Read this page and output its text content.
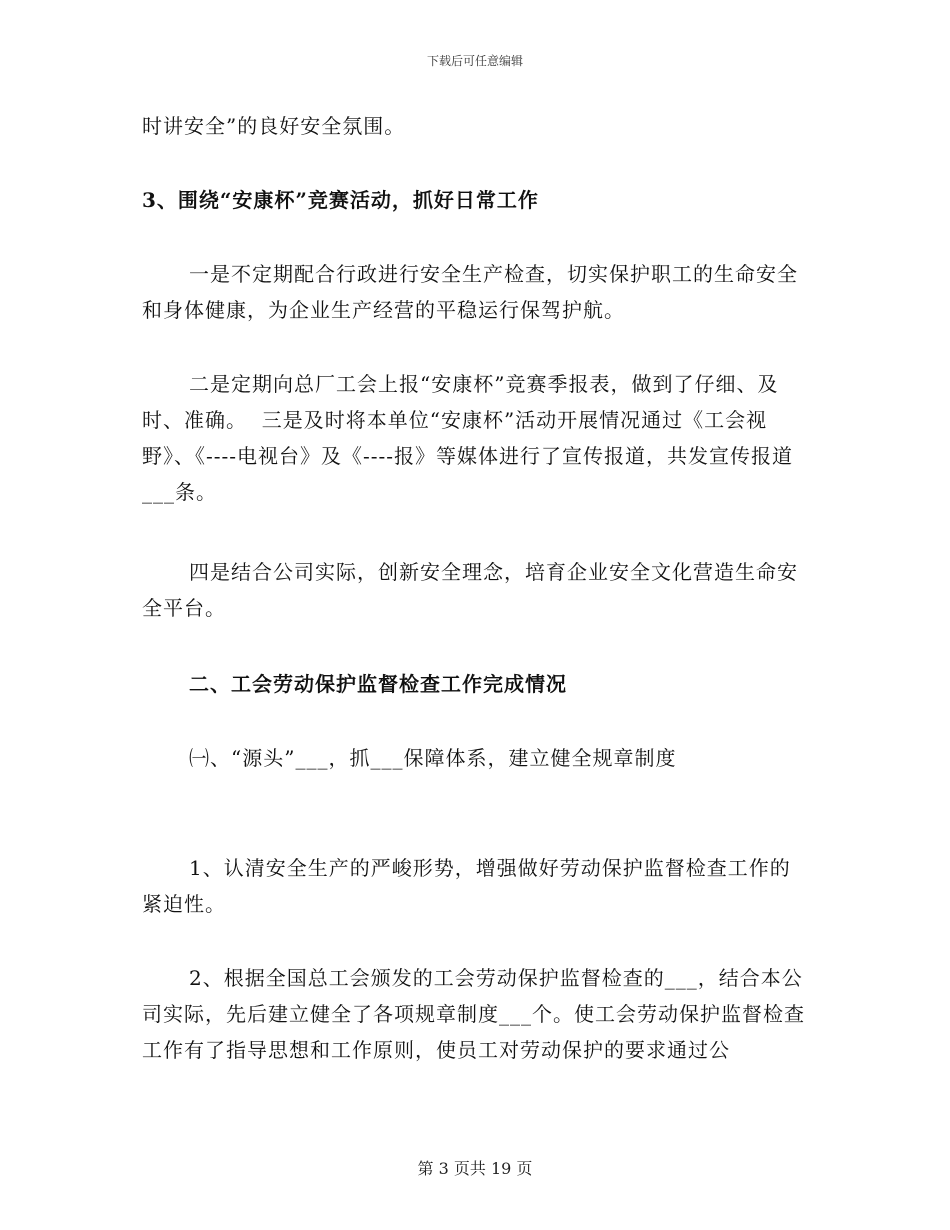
下载后可任意编辑

时讲安全”的良好安全氛围。

3、围绕“安康杯”竞赛活动，抓好日常工作

一是不定期配合行政进行安全生产检查，切实保护职工的生命安全和身体健康，为企业生产经营的平稳运行保驾护航。

二是定期向总厂工会上报“安康杯”竞赛季报表，做到了仔细、及时、准确。  三是及时将本单位“安康杯”活动开展情况通过《工会视野》、《----电视台》及《----报》等媒体进行了宣传报道，共发宣传报道___条。

四是结合公司实际，创新安全理念，培育企业安全文化营造生命安全平台。

二、工会劳动保护监督检查工作完成情况

㈠、“源头”___，抓___保障体系，建立健全规章制度

1、认清安全生产的严峻形势，增强做好劳动保护监督检查工作的紧迫性。

2、根据全国总工会颁发的工会劳动保护监督检查的___，结合本公司实际，先后建立健全了各项规章制度___个。使工会劳动保护监督检查工作有了指导思想和工作原则，使员工对劳动保护的要求通过公

第 3 页共 19 页
